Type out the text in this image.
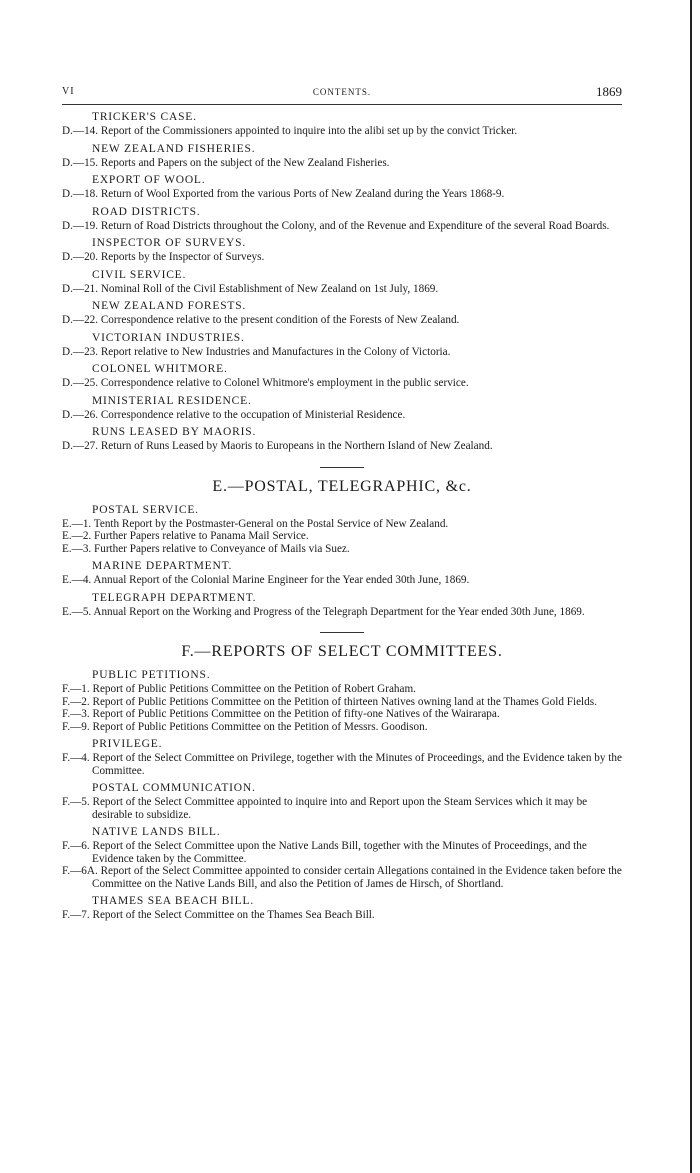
VI	CONTENTS.	1869
TRICKER'S CASE.
D.—14. Report of the Commissioners appointed to inquire into the alibi set up by the convict Tricker.
NEW ZEALAND FISHERIES.
D.—15. Reports and Papers on the subject of the New Zealand Fisheries.
EXPORT OF WOOL.
D.—18. Return of Wool Exported from the various Ports of New Zealand during the Years 1868-9.
ROAD DISTRICTS.
D.—19. Return of Road Districts throughout the Colony, and of the Revenue and Expenditure of the several Road Boards.
INSPECTOR OF SURVEYS.
D.—20. Reports by the Inspector of Surveys.
CIVIL SERVICE.
D.—21. Nominal Roll of the Civil Establishment of New Zealand on 1st July, 1869.
NEW ZEALAND FORESTS.
D.—22. Correspondence relative to the present condition of the Forests of New Zealand.
VICTORIAN INDUSTRIES.
D.—23. Report relative to New Industries and Manufactures in the Colony of Victoria.
COLONEL WHITMORE.
D.—25. Correspondence relative to Colonel Whitmore's employment in the public service.
MINISTERIAL RESIDENCE.
D.—26. Correspondence relative to the occupation of Ministerial Residence.
RUNS LEASED BY MAORIS.
D.—27. Return of Runs Leased by Maoris to Europeans in the Northern Island of New Zealand.
E.—POSTAL, TELEGRAPHIC, &c.
POSTAL SERVICE.
E.—1. Tenth Report by the Postmaster-General on the Postal Service of New Zealand.
E.—2. Further Papers relative to Panama Mail Service.
E.—3. Further Papers relative to Conveyance of Mails via Suez.
MARINE DEPARTMENT.
E.—4. Annual Report of the Colonial Marine Engineer for the Year ended 30th June, 1869.
TELEGRAPH DEPARTMENT.
E.—5. Annual Report on the Working and Progress of the Telegraph Department for the Year ended 30th June, 1869.
F.—REPORTS OF SELECT COMMITTEES.
PUBLIC PETITIONS.
F.—1. Report of Public Petitions Committee on the Petition of Robert Graham.
F.—2. Report of Public Petitions Committee on the Petition of thirteen Natives owning land at the Thames Gold Fields.
F.—3. Report of Public Petitions Committee on the Petition of fifty-one Natives of the Wairarapa.
F.—9. Report of Public Petitions Committee on the Petition of Messrs. Goodison.
PRIVILEGE.
F.—4. Report of the Select Committee on Privilege, together with the Minutes of Proceedings, and the Evidence taken by the Committee.
POSTAL COMMUNICATION.
F.—5. Report of the Select Committee appointed to inquire into and Report upon the Steam Services which it may be desirable to subsidize.
NATIVE LANDS BILL.
F.—6. Report of the Select Committee upon the Native Lands Bill, together with the Minutes of Proceedings, and the Evidence taken by the Committee.
F.—6A. Report of the Select Committee appointed to consider certain Allegations contained in the Evidence taken before the Committee on the Native Lands Bill, and also the Petition of James de Hirsch, of Shortland.
THAMES SEA BEACH BILL.
F.—7. Report of the Select Committee on the Thames Sea Beach Bill.
